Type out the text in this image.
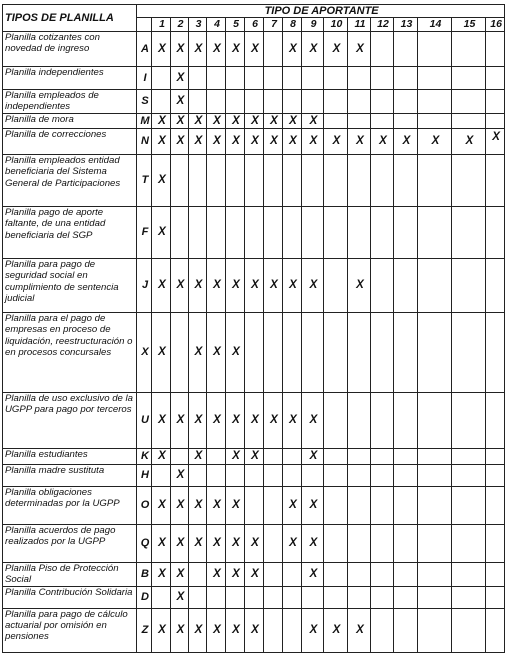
TIPOS DE PLANILLA	TIPO DE APORTANTE																
		1	2	3	4	5	6	7	8	9	10	11	12	13	14	15	16
Planilla cotizantes con novedad de ingreso	A	X	X	X	X	X	X		X	X	X	X					
Planilla independientes	I		X														
Planilla empleados de independientes	S		X														
Planilla de mora	M	X	X	X	X	X	X	X	X	X							
Planilla de correcciones	N	X	X	X	X	X	X	X	X	X	X	X	X	X	X	X	X
Planilla empleados entidad beneficiaria del Sistema General de Participaciones	T	X															
Planilla pago de aporte faltante, de una entidad beneficiaria del SGP	F	X															
Planilla para pago de seguridad social en cumplimiento de sentencia judicial	J	X	X	X	X	X	X	X	X	X		X					
Planilla para el pago de empresas en proceso de liquidación, reestructuración o en procesos concursales	X	X		X	X	X											
Planilla de uso exclusivo de la UGPP para pago por terceros	U	X	X	X	X	X	X	X	X	X							
Planilla estudiantes	K	X		X		X	X			X							
Planilla madre sustituta	H		X														
Planilla obligaciones determinadas por la UGPP	O	X	X	X	X	X			X	X							
Planilla acuerdos de pago realizados por la UGPP	Q	X	X	X	X	X	X		X	X							
Planilla Piso de Protección Social	B	X	X		X	X	X			X							
Planilla Contribución Solidaria	D		X														
Planilla para pago de cálculo actuarial por omisión en pensiones	Z	X	X	X	X	X	X			X	X	X					
